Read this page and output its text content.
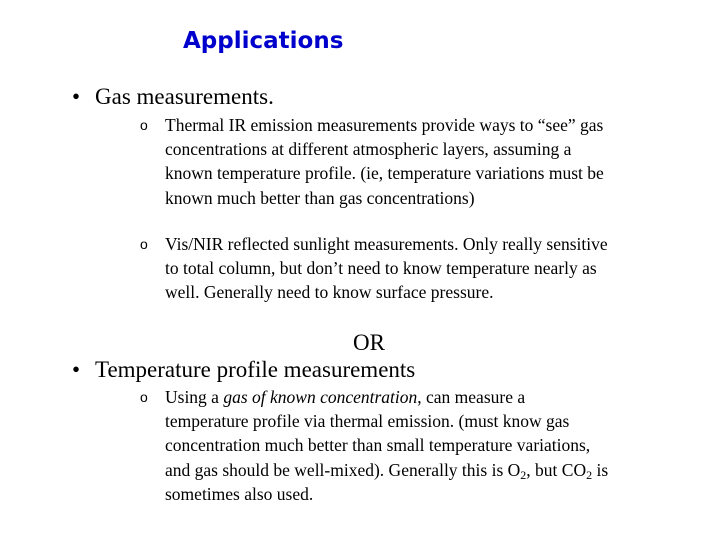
Applications
• Gas measurements.
o Thermal IR emission measurements provide ways to “see” gas concentrations at different atmospheric layers, assuming a known temperature profile. (ie, temperature variations must be known much better than gas concentrations)
o Vis/NIR reflected sunlight measurements. Only really sensitive to total column, but don’t need to know temperature nearly as well. Generally need to know surface pressure.
OR
• Temperature profile measurements
o Using a gas of known concentration, can measure a temperature profile via thermal emission. (must know gas concentration much better than small temperature variations, and gas should be well-mixed). Generally this is $O_2$, but $CO_2$ is sometimes also used.
